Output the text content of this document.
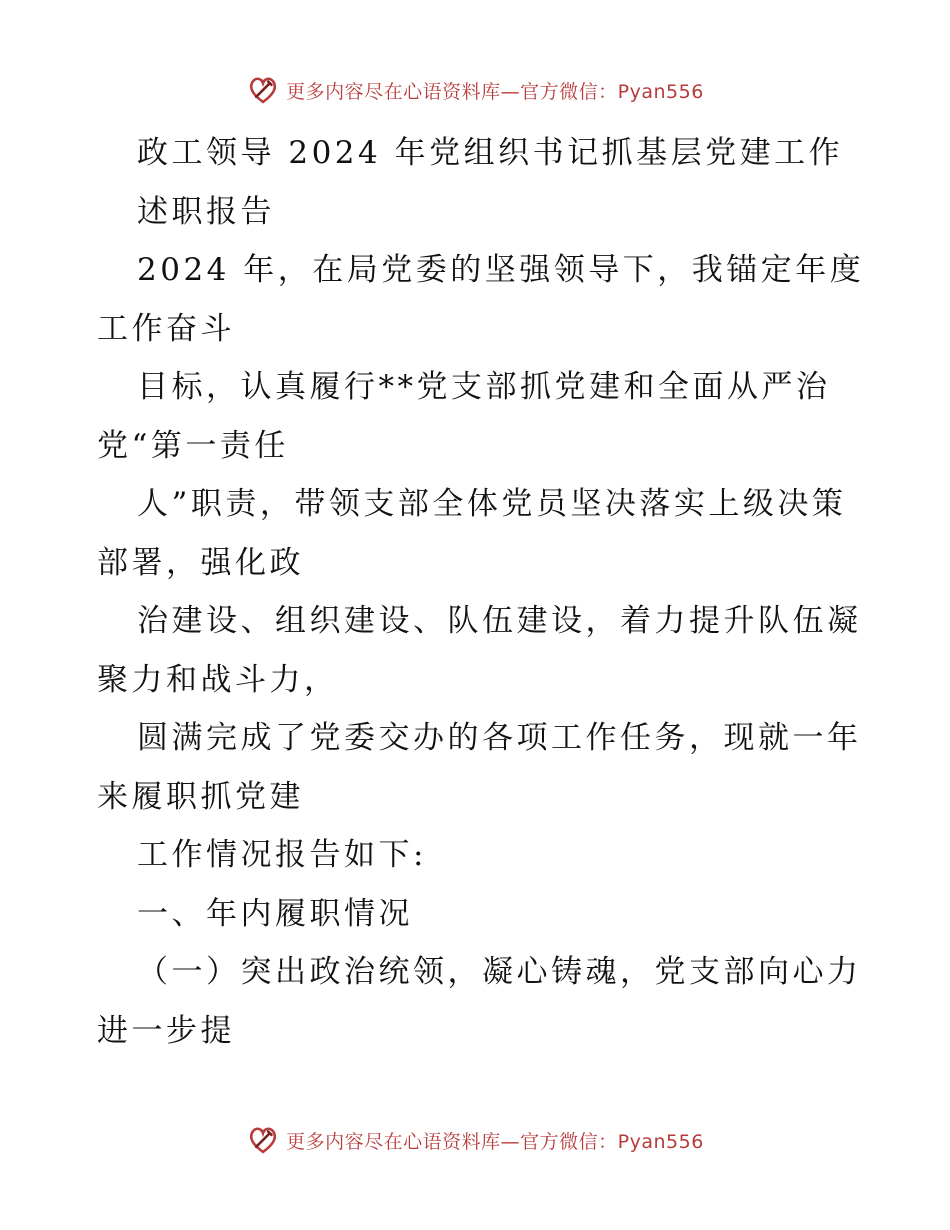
更多内容尽在心语资料库—官方微信：Pyan556
政工领导 2024 年党组织书记抓基层党建工作
述职报告
2024 年，在局党委的坚强领导下，我锚定年度
工作奋斗
目标，认真履行**党支部抓党建和全面从严治
党“第一责任
人”职责，带领支部全体党员坚决落实上级决策
部署，强化政
治建设、组织建设、队伍建设，着力提升队伍凝
聚力和战斗力，
圆满完成了党委交办的各项工作任务，现就一年
来履职抓党建
工作情况报告如下:
一、年内履职情况
（一）突出政治统领，凝心铸魂，党支部向心力
进一步提
更多内容尽在心语资料库—官方微信：Pyan556
